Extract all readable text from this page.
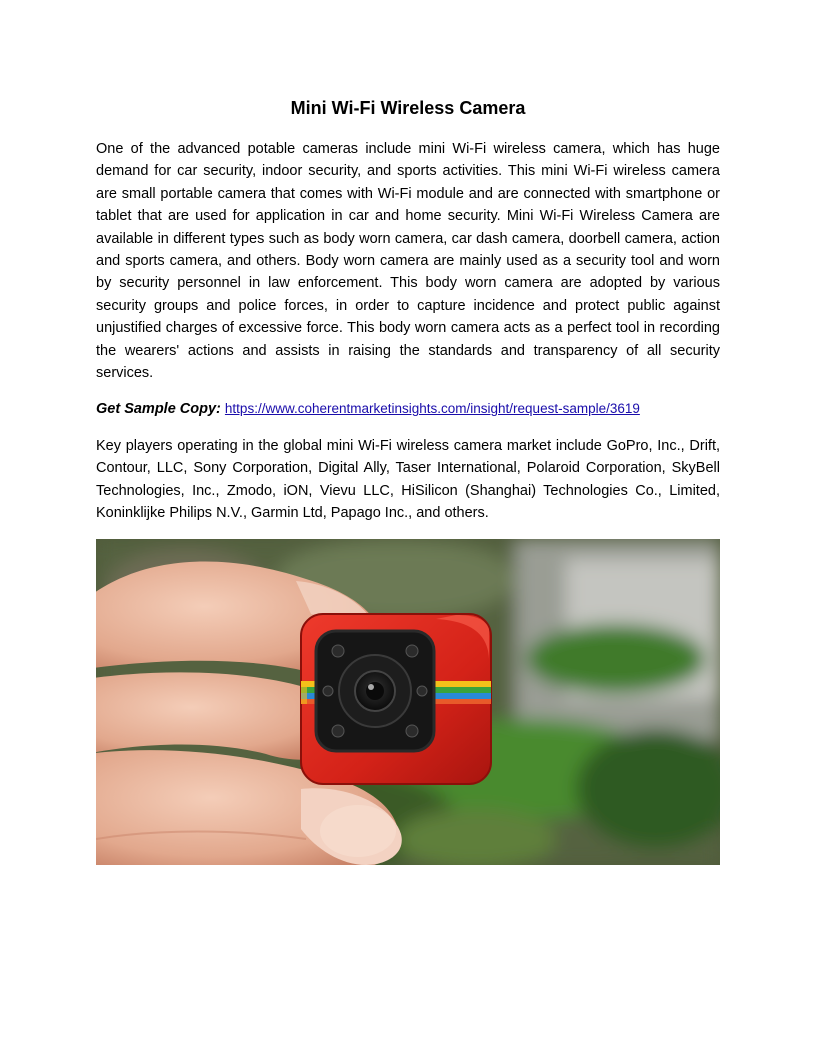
Mini Wi-Fi Wireless Camera

One of the advanced potable cameras include mini Wi-Fi wireless camera, which has huge demand for car security, indoor security, and sports activities. This mini Wi-Fi wireless camera are small portable camera that comes with Wi-Fi module and are connected with smartphone or tablet that are used for application in car and home security. Mini Wi-Fi Wireless Camera are available in different types such as body worn camera, car dash camera, doorbell camera, action and sports camera, and others. Body worn camera are mainly used as a security tool and worn by security personnel in law enforcement. This body worn camera are adopted by various security groups and police forces, in order to capture incidence and protect public against unjustified charges of excessive force. This body worn camera acts as a perfect tool in recording the wearers' actions and assists in raising the standards and transparency of all security services.

Get Sample Copy: https://www.coherentmarketinsights.com/insight/request-sample/3619

Key players operating in the global mini Wi-Fi wireless camera market include GoPro, Inc., Drift, Contour, LLC, Sony Corporation, Digital Ally, Taser International, Polaroid Corporation, SkyBell Technologies, Inc., Zmodo, iON, Vievu LLC, HiSilicon (Shanghai) Technologies Co., Limited, Koninklijke Philips N.V., Garmin Ltd, Papago Inc., and others.
